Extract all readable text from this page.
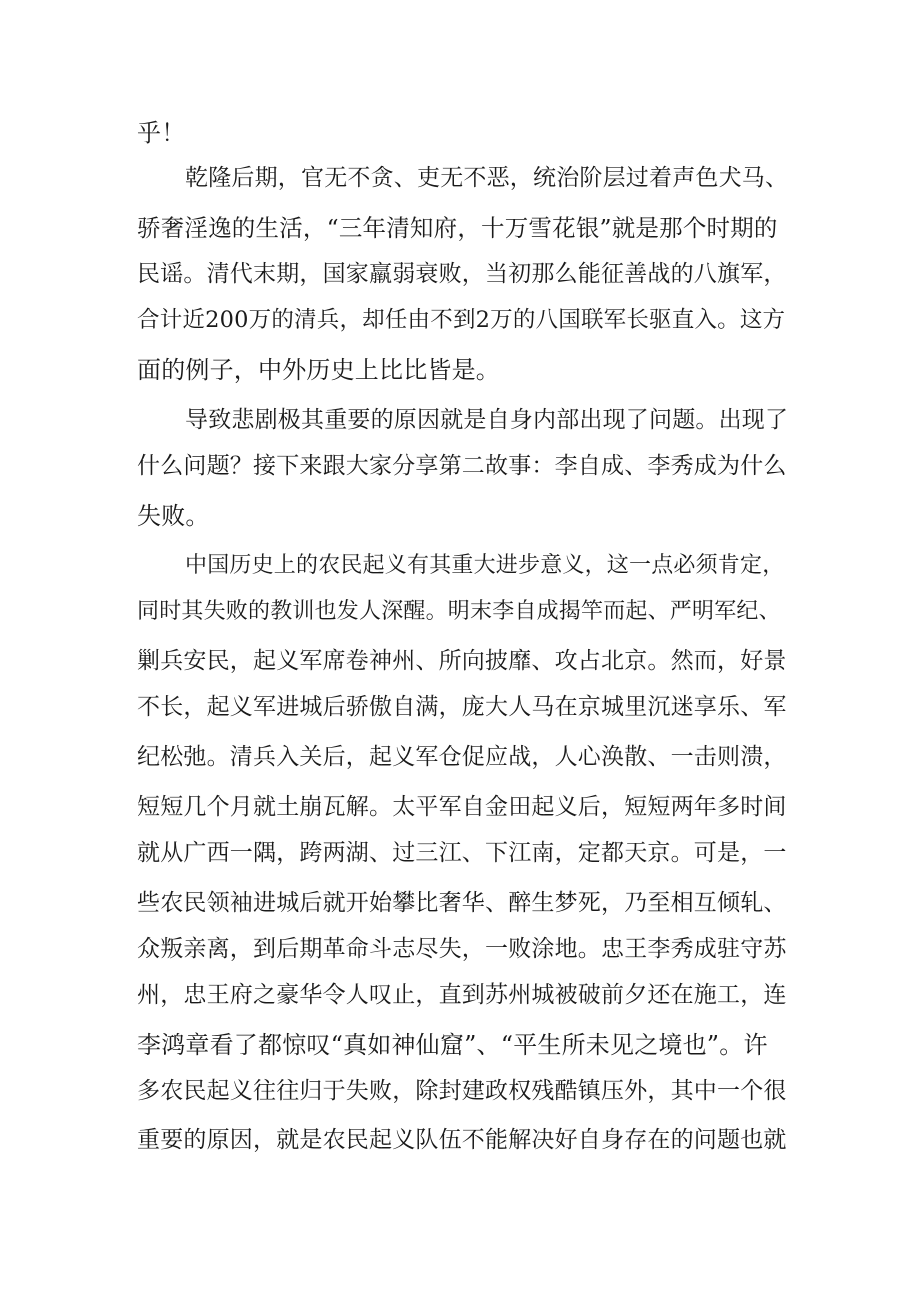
乎！
乾隆后期，官无不贪、吏无不恶，统治阶层过着声色犬马、
骄奢淫逸的生活，“三年清知府，十万雪花银”就是那个时期的
民谣。清代末期，国家羸弱衰败，当初那么能征善战的八旗军，
合计近200万的清兵，却任由不到2万的八国联军长驱直入。这方
面的例子，中外历史上比比皆是。
导致悲剧极其重要的原因就是自身内部出现了问题。出现了
什么问题？接下来跟大家分享第二故事：李自成、李秀成为什么
失败。
中国历史上的农民起义有其重大进步意义，这一点必须肯定，
同时其失败的教训也发人深醒。明末李自成揭竿而起、严明军纪、
剿兵安民，起义军席卷神州、所向披靡、攻占北京。然而，好景
不长，起义军进城后骄傲自满，庞大人马在京城里沉迷享乐、军
纪松弛。清兵入关后，起义军仓促应战，人心涣散、一击则溃，
短短几个月就土崩瓦解。太平军自金田起义后，短短两年多时间
就从广西一隅，跨两湖、过三江、下江南，定都天京。可是，一
些农民领袖进城后就开始攀比奢华、醉生梦死，乃至相互倾轧、
众叛亲离，到后期革命斗志尽失，一败涂地。忠王李秀成驻守苏
州，忠王府之豪华令人叹止，直到苏州城被破前夕还在施工，连
李鸿章看了都惊叹“真如神仙窟”、“平生所未见之境也”。许
多农民起义往往归于失败，除封建政权残酷镇压外，其中一个很
重要的原因，就是农民起义队伍不能解决好自身存在的问题也就
